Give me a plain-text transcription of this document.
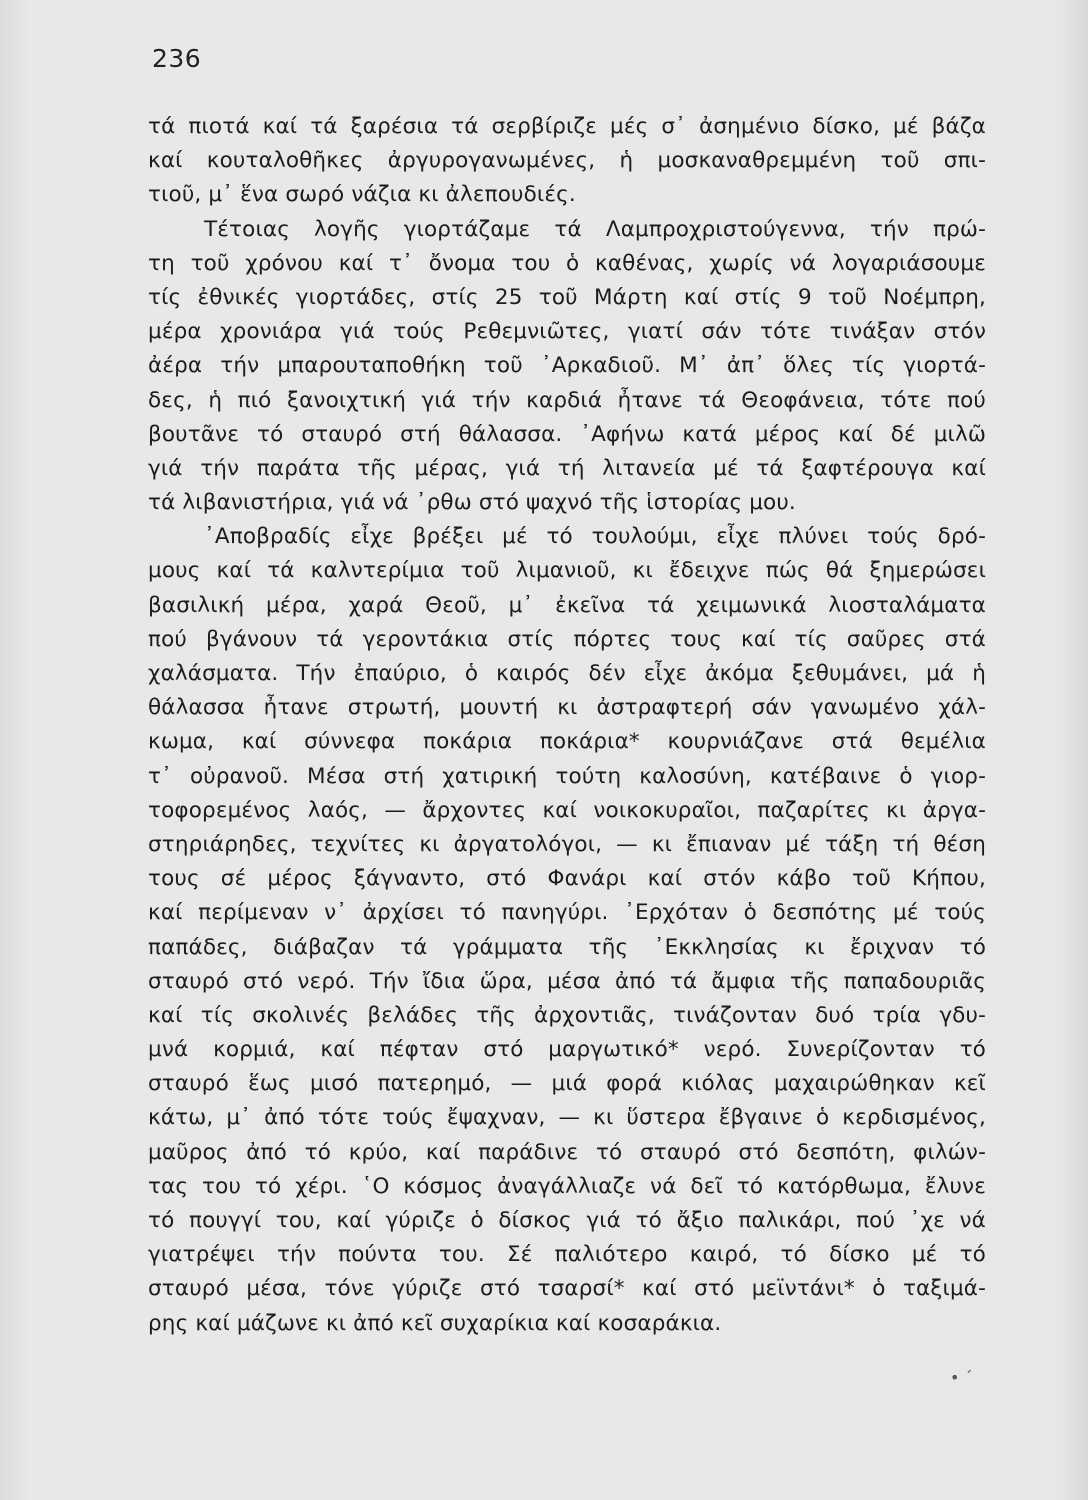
236
τά πιοτά καί τά ξαρέσια τά σερβίριζε μές σ᾽ ἀσημένιο δίσκο, μέ βάζα
καί κουταλοθῆκες ἀργυρογανωμένες, ἡ μοσκαναθρεμμένη τοῦ σπι-
τιοῦ, μ᾽ ἕνα σωρό νάζια κι ἀλεπουδιές.
Τέτοιας λογῆς γιορτάζαμε τά Λαμπροχριστούγεννα, τήν πρώ-
τη τοῦ χρόνου καί τ᾽ ὄνομα του ὁ καθένας, χωρίς νά λογαριάσουμε
τίς ἐθνικές γιορτάδες, στίς 25 τοῦ Μάρτη καί στίς 9 τοῦ Νοέμπρη,
μέρα χρονιάρα γιά τούς Ρεθεμνιῶτες, γιατί σάν τότε τινάξαν στόν
ἀέρα τήν μπαρουταποθήκη τοῦ ᾽Αρκαδιοῦ. Μ᾽ ἀπ᾽ ὅλες τίς γιορτά-
δες, ἡ πιό ξανοιχτική γιά τήν καρδιά ἦτανε τά Θεοφάνεια, τότε πού
βουτᾶνε τό σταυρό στή θάλασσα. ᾽Αφήνω κατά μέρος καί δέ μιλῶ
γιά τήν παράτα τῆς μέρας, γιά τή λιτανεία μέ τά ξαφτέρουγα καί
τά λιβανιστήρια, γιά νά ᾽ρθω στό ψαχνό τῆς ἱστορίας μου.
᾽Αποβραδίς εἶχε βρέξει μέ τό τουλούμι, εἶχε πλύνει τούς δρό-
μους καί τά καλντερίμια τοῦ λιμανιοῦ, κι ἔδειχνε πώς θά ξημερώσει
βασιλική μέρα, χαρά Θεοῦ, μ᾽ ἐκεῖνα τά χειμωνικά λιοσταλάματα
πού βγάνουν τά γεροντάκια στίς πόρτες τους καί τίς σαῦρες στά
χαλάσματα. Τήν ἐπαύριο, ὁ καιρός δέν εἶχε ἀκόμα ξεθυμάνει, μά ἡ
θάλασσα ἦτανε στρωτή, μουντή κι ἀστραφτερή σάν γανωμένο χάλ-
κωμα, καί σύννεφα ποκάρια ποκάρια* κουρνιάζανε στά θεμέλια
τ᾽ οὐρανοῦ. Μέσα στή χατιρική τούτη καλοσύνη, κατέβαινε ὁ γιορ-
τοφορεμένος λαός, — ἄρχοντες καί νοικοκυραῖοι, παζαρίτες κι ἀργα-
στηριάρηδες, τεχνίτες κι ἀργατολόγοι, — κι ἔπιαναν μέ τάξη τή θέση
τους σέ μέρος ξάγναντο, στό Φανάρι καί στόν κάβο τοῦ Κήπου,
καί περίμεναν ν᾽ ἀρχίσει τό πανηγύρι. ᾽Ερχόταν ὁ δεσπότης μέ τούς
παπάδες, διάβαζαν τά γράμματα τῆς ᾽Εκκλησίας κι ἔριχναν τό
σταυρό στό νερό. Τήν ἴδια ὥρα, μέσα ἀπό τά ἄμφια τῆς παπαδουριᾶς
καί τίς σκολινές βελάδες τῆς ἀρχοντιᾶς, τινάζονταν δυό τρία γδυ-
μνά κορμιά, καί πέφταν στό μαργωτικό* νερό. Συνερίζονταν τό
σταυρό ἕως μισό πατερημό, — μιά φορά κιόλας μαχαιρώθηκαν κεῖ
κάτω, μ᾽ ἀπό τότε τούς ἔψαχναν, — κι ὕστερα ἔβγαινε ὁ κερδισμένος,
μαῦρος ἀπό τό κρύο, καί παράδινε τό σταυρό στό δεσπότη, φιλών-
τας του τό χέρι. ῾Ο κόσμος ἀναγάλλιαζε νά δεῖ τό κατόρθωμα, ἔλυνε
τό πουγγί του, καί γύριζε ὁ δίσκος γιά τό ἄξιο παλικάρι, πού ᾽χε νά
γιατρέψει τήν πούντα του. Σέ παλιότερο καιρό, τό δίσκο μέ τό
σταυρό μέσα, τόνε γύριζε στό τσαρσί* καί στό μεϊντάνι* ὁ ταξιμά-
ρης καί μάζωνε κι ἀπό κεῖ συχαρίκια καί κοσαράκια.
• ˊ
